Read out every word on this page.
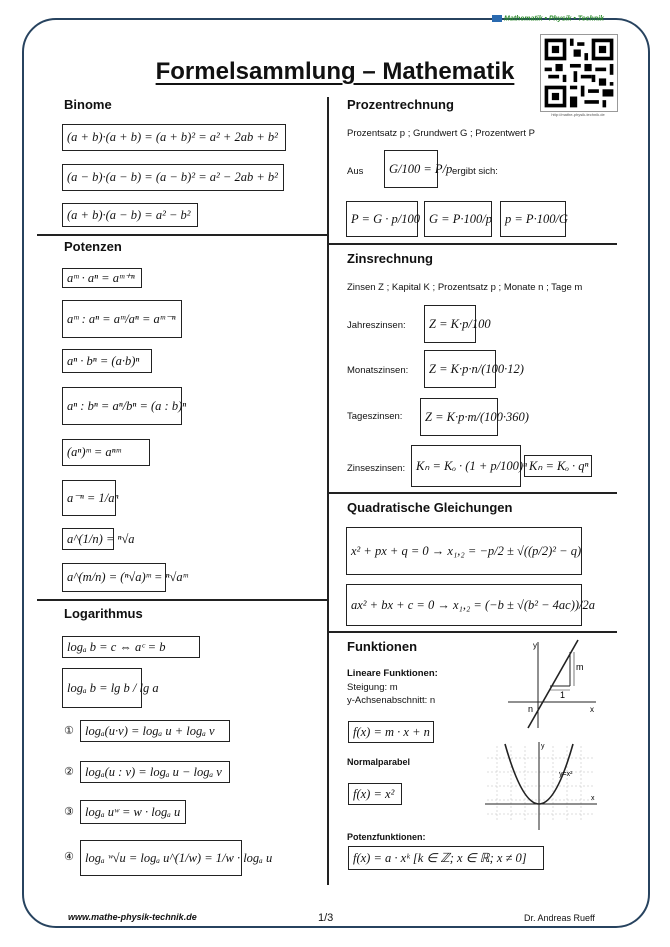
Mathematik • Physik • Technik
http://mathe-physik-technik.de
Formelsammlung – Mathematik
Binome
(a + b)·(a + b) = (a + b)² = a² + 2ab + b²
(a − b)·(a − b) = (a − b)² = a² − 2ab + b²
(a + b)·(a − b) = a² − b²
Potenzen
aᵐ · aⁿ = aᵐ⁺ⁿ
aᵐ : aⁿ = aᵐ/aⁿ = aᵐ⁻ⁿ
aⁿ · bⁿ = (a·b)ⁿ
aⁿ : bⁿ = aⁿ/bⁿ = (a : b)ⁿ
(aⁿ)ᵐ = aⁿᵐ
a⁻ⁿ = 1/aⁿ
a^(1/n) = ⁿ√a
a^(m/n) = (ⁿ√a)ᵐ = ⁿ√aᵐ
Logarithmus
logₐ b = c ⇔ aᶜ = b
logₐ b = lg b / lg a
① logₐ(u·v) = logₐ u + logₐ v
② logₐ(u : v) = logₐ u − logₐ v
③ logₐ uʷ = w · logₐ u
④ logₐ ʷ√u = logₐ u^(1/w) = 1/w · logₐ u
Prozentrechnung
Prozentsatz p ; Grundwert G ; Prozentwert P
Aus	G/100 = P/p ergibt sich:
P = G · p/100 G = P·100/p	p = P·100/G
Zinsrechnung
Zinsen Z ; Kapital K ; Prozentsatz p ; Monate n ; Tage m
Jahreszinsen:	Z = K·p/100
Monatszinsen:	Z = K·p·n/(100·12)
Tageszinsen:	Z = K·p·m/(100·360)
Zinseszinsen: Kₙ = Kₒ · (1 + p/100)ⁿ Kₙ = Kₒ · qⁿ
Quadratische Gleichungen
x² + px + q = 0 → x₁,₂ = −p/2 ± √((p/2)² − q)
ax² + bx + c = 0 → x₁,₂ = (−b ± √(b² − 4ac))/2a
Funktionen
Lineare Funktionen:
Steigung: m
y-Achsenabschnitt: n
f(x) = m · x + n
y
x
m
1
n
Normalparabel
f(x) = x²
y
x
y=x²
Potenzfunktionen:
f(x) = a · xᵏ [k ∈ ℤ; x ∈ ℝ; x ≠ 0]
www.mathe-physik-technik.de	1/3	Dr. Andreas Rueff
